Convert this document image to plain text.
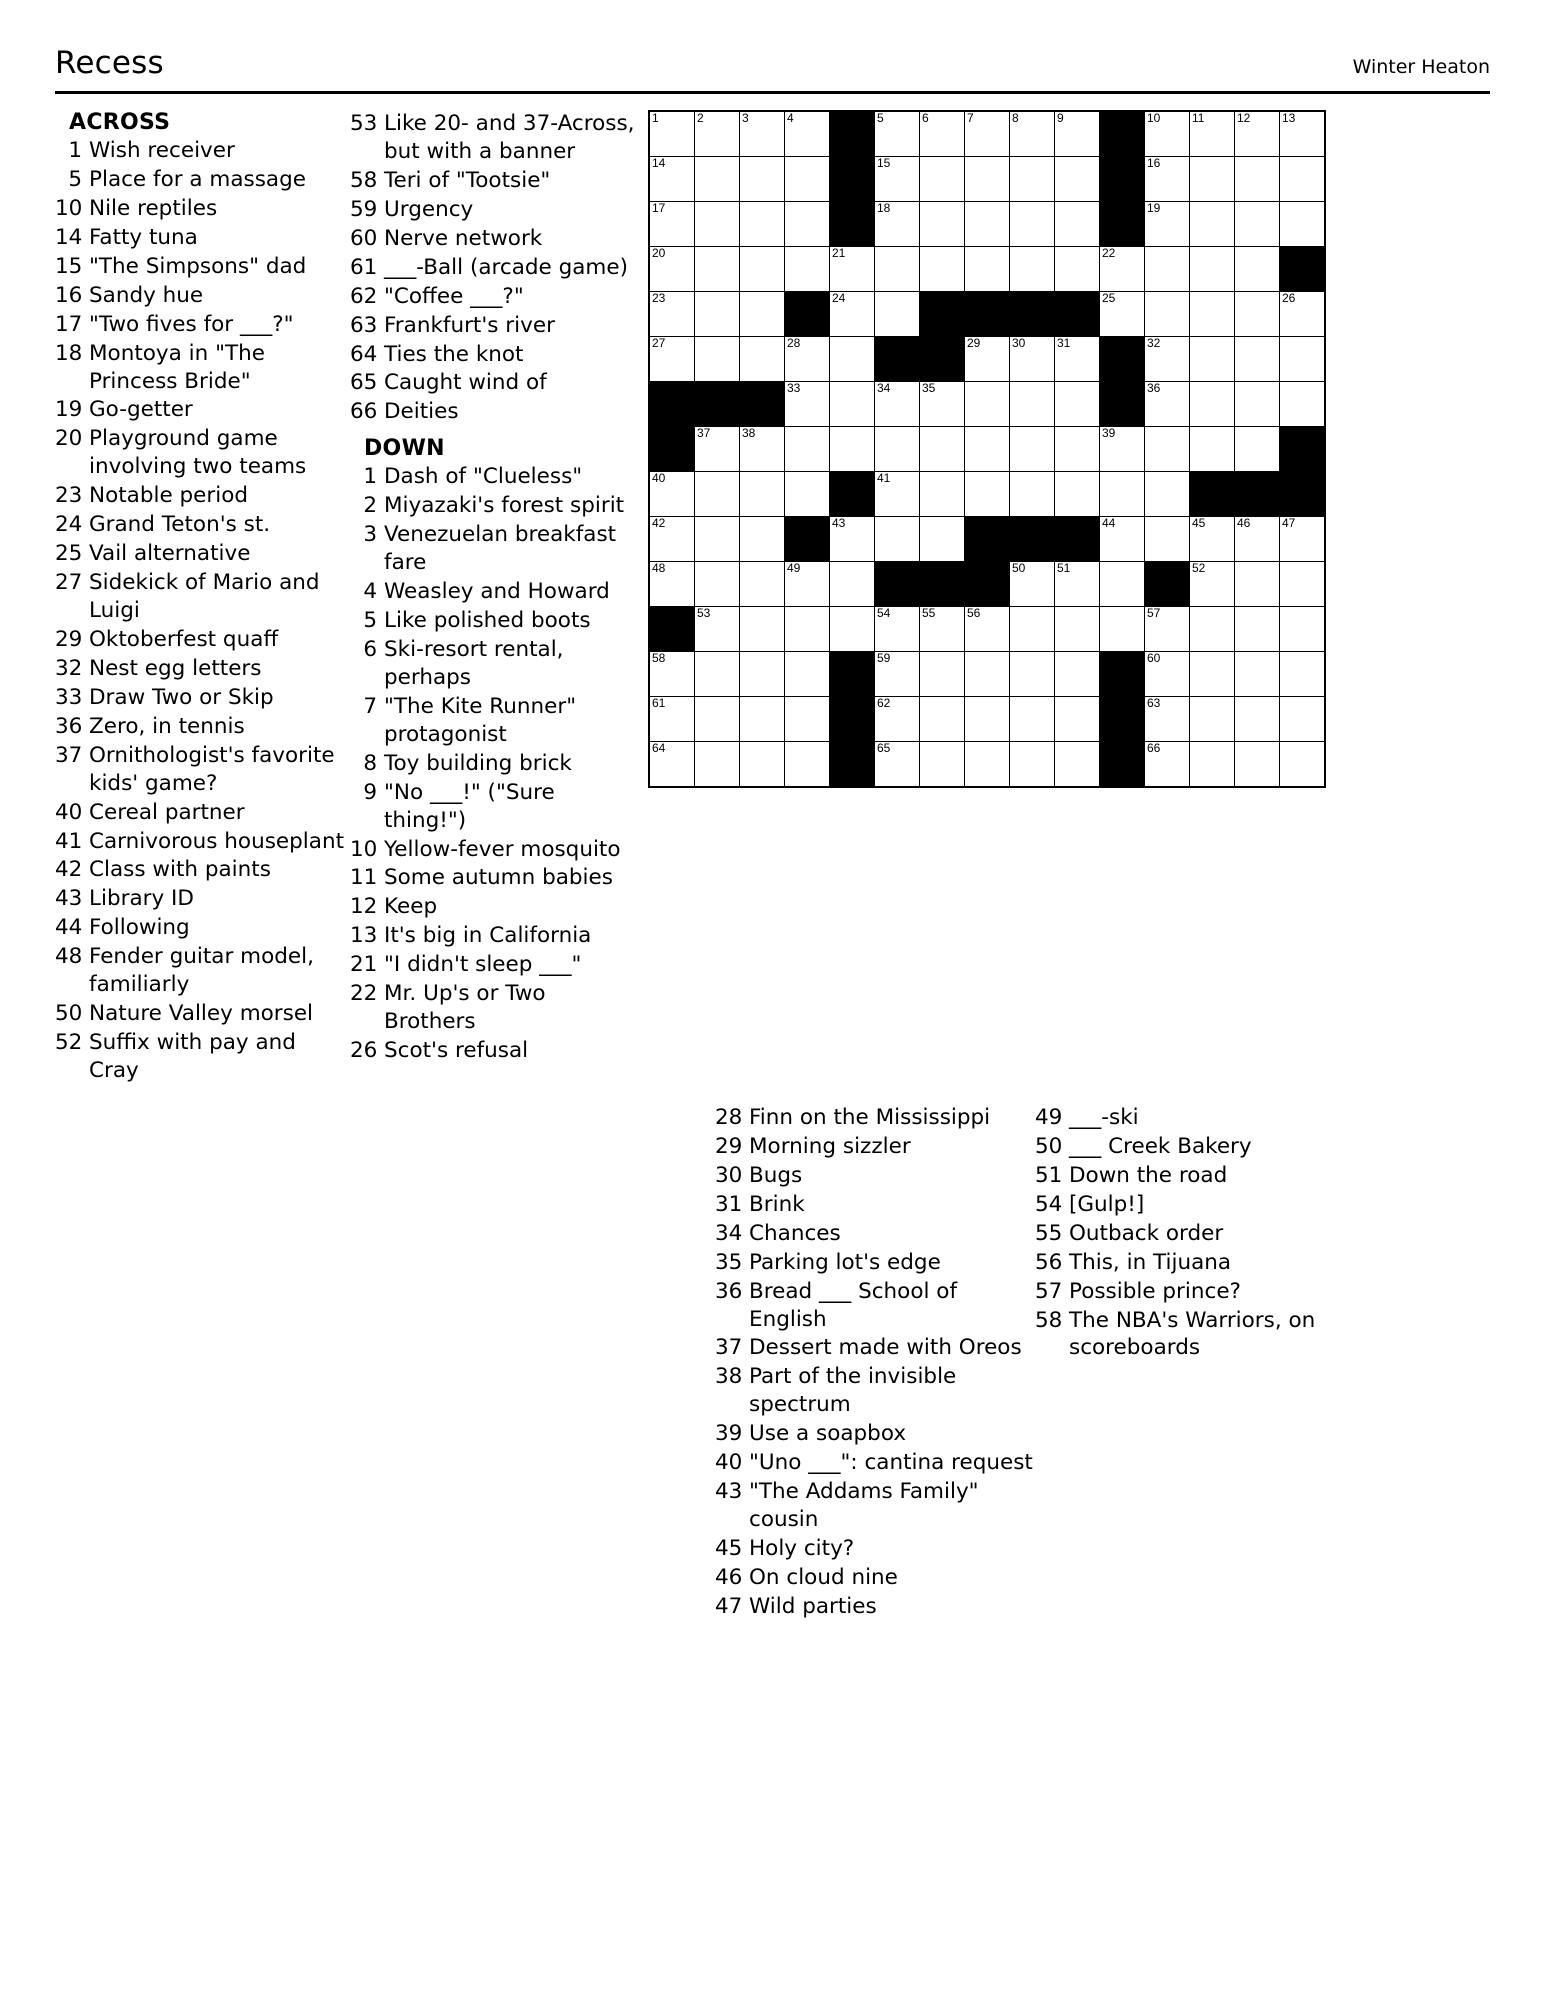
Recess	Winter Heaton
ACROSS
1 Wish receiver
5 Place for a massage
10 Nile reptiles
14 Fatty tuna
15 "The Simpsons" dad
16 Sandy hue
17 "Two fives for ___?"
18 Montoya in "The Princess Bride"
19 Go-getter
20 Playground game involving two teams
23 Notable period
24 Grand Teton's st.
25 Vail alternative
27 Sidekick of Mario and Luigi
29 Oktoberfest quaff
32 Nest egg letters
33 Draw Two or Skip
36 Zero, in tennis
37 Ornithologist's favorite kids' game?
40 Cereal partner
41 Carnivorous houseplant
42 Class with paints
43 Library ID
44 Following
48 Fender guitar model, familiarly
50 Nature Valley morsel
52 Suffix with pay and Cray
53 Like 20- and 37-Across, but with a banner
58 Teri of "Tootsie"
59 Urgency
60 Nerve network
61 ___-Ball (arcade game)
62 "Coffee ___?"
63 Frankfurt's river
64 Ties the knot
65 Caught wind of
66 Deities
DOWN
1 Dash of "Clueless"
2 Miyazaki's forest spirit
3 Venezuelan breakfast fare
4 Weasley and Howard
5 Like polished boots
6 Ski-resort rental, perhaps
7 "The Kite Runner" protagonist
8 Toy building brick
9 "No ___!" ("Sure thing!")
10 Yellow-fever mosquito
11 Some autumn babies
12 Keep
13 It's big in California
21 "I didn't sleep ___"
22 Mr. Up's or Two Brothers
26 Scot's refusal
1	2	3	4		5	6	7	8	9		10	11	12	13

14					15						16			

17					18						19			

20				21						22				

23				24						25				26

27			28				29	30	31		32			

			33		34	35					36			

	37	38								39				

40					41									

42				43						44		45	46	47

48			49					50	51			52		

	53				54	55	56				57			

58					59						60			

61					62						63			

64					65						66			

28 Finn on the Mississippi
29 Morning sizzler
30 Bugs
31 Brink
34 Chances
35 Parking lot's edge
36 Bread ___ School of English
37 Dessert made with Oreos
38 Part of the invisible spectrum
39 Use a soapbox
40 "Uno ___": cantina request
43 "The Addams Family" cousin
45 Holy city?
46 On cloud nine
47 Wild parties
49 ___-ski
50 ___ Creek Bakery
51 Down the road
54 [Gulp!]
55 Outback order
56 This, in Tijuana
57 Possible prince?
58 The NBA's Warriors, on scoreboards
